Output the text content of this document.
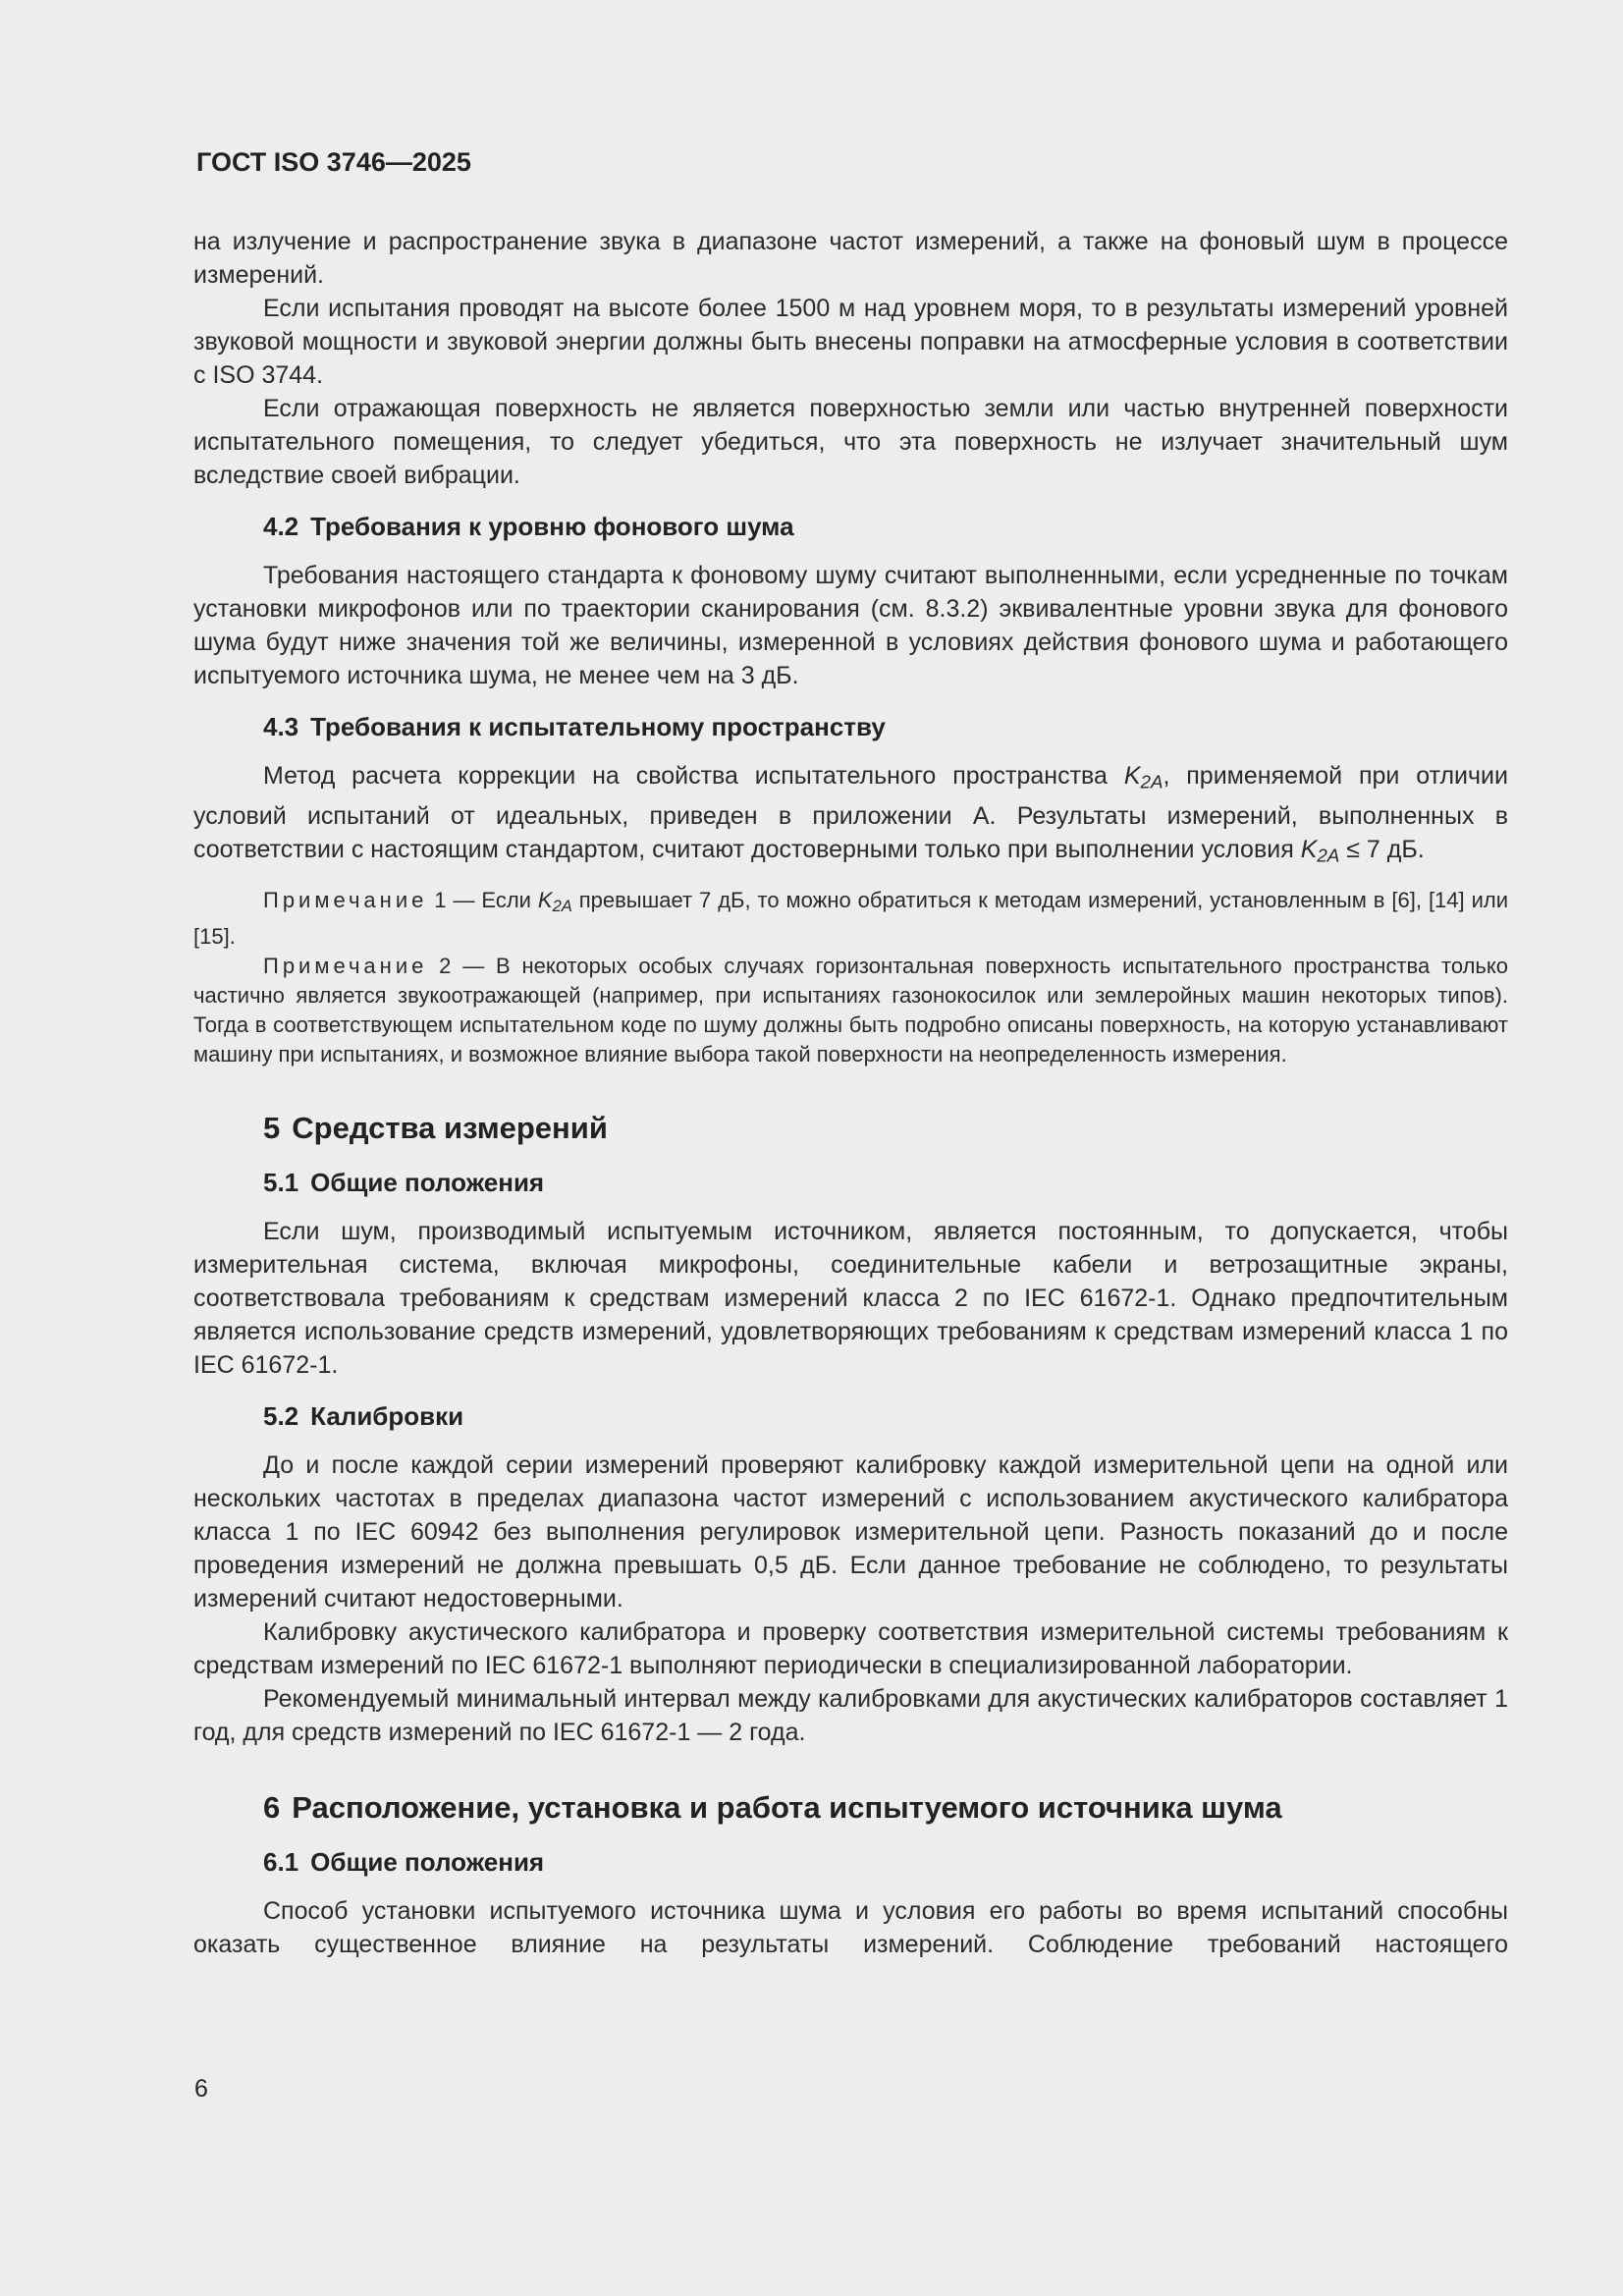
ГОСТ ISO 3746—2025

на излучение и распространение звука в диапазоне частот измерений, а также на фоновый шум в процессе измерений.

Если испытания проводят на высоте более 1500 м над уровнем моря, то в результаты измерений уровней звуковой мощности и звуковой энергии должны быть внесены поправки на атмосферные условия в соответствии с ISO 3744.

Если отражающая поверхность не является поверхностью земли или частью внутренней поверхности испытательного помещения, то следует убедиться, что эта поверхность не излучает значительный шум вследствие своей вибрации.

4.2 Требования к уровню фонового шума

Требования настоящего стандарта к фоновому шуму считают выполненными, если усредненные по точкам установки микрофонов или по траектории сканирования (см. 8.3.2) эквивалентные уровни звука для фонового шума будут ниже значения той же величины, измеренной в условиях действия фонового шума и работающего испытуемого источника шума, не менее чем на 3 дБ.

4.3 Требования к испытательному пространству

Метод расчета коррекции на свойства испытательного пространства $K_{2A}$, применяемой при отличии условий испытаний от идеальных, приведен в приложении А. Результаты измерений, выполненных в соответствии с настоящим стандартом, считают достоверными только при выполнении условия $K_{2A} \le 7$ дБ.

Примечание 1 — Если $K_{2A}$ превышает 7 дБ, то можно обратиться к методам измерений, установленным в [6], [14] или [15].

Примечание 2 — В некоторых особых случаях горизонтальная поверхность испытательного пространства только частично является звукоотражающей (например, при испытаниях газонокосилок или землеройных машин некоторых типов). Тогда в соответствующем испытательном коде по шуму должны быть подробно описаны поверхность, на которую устанавливают машину при испытаниях, и возможное влияние выбора такой поверхности на неопределенность измерения.

5 Средства измерений
5.1 Общие положения

Если шум, производимый испытуемым источником, является постоянным, то допускается, чтобы измерительная система, включая микрофоны, соединительные кабели и ветрозащитные экраны, соответствовала требованиям к средствам измерений класса 2 по IEC 61672-1. Однако предпочтительным является использование средств измерений, удовлетворяющих требованиям к средствам измерений класса 1 по IEC 61672-1.

5.2 Калибровки

До и после каждой серии измерений проверяют калибровку каждой измерительной цепи на одной или нескольких частотах в пределах диапазона частот измерений с использованием акустического калибратора класса 1 по IEC 60942 без выполнения регулировок измерительной цепи. Разность показаний до и после проведения измерений не должна превышать 0,5 дБ. Если данное требование не соблюдено, то результаты измерений считают недостоверными.

Калибровку акустического калибратора и проверку соответствия измерительной системы требованиям к средствам измерений по IEC 61672-1 выполняют периодически в специализированной лаборатории.

Рекомендуемый минимальный интервал между калибровками для акустических калибраторов составляет 1 год, для средств измерений по IEC 61672-1 — 2 года.

6 Расположение, установка и работа испытуемого источника шума
6.1 Общие положения

Способ установки испытуемого источника шума и условия его работы во время испытаний способны оказать существенное влияние на результаты измерений. Соблюдение требований настоящего

6
